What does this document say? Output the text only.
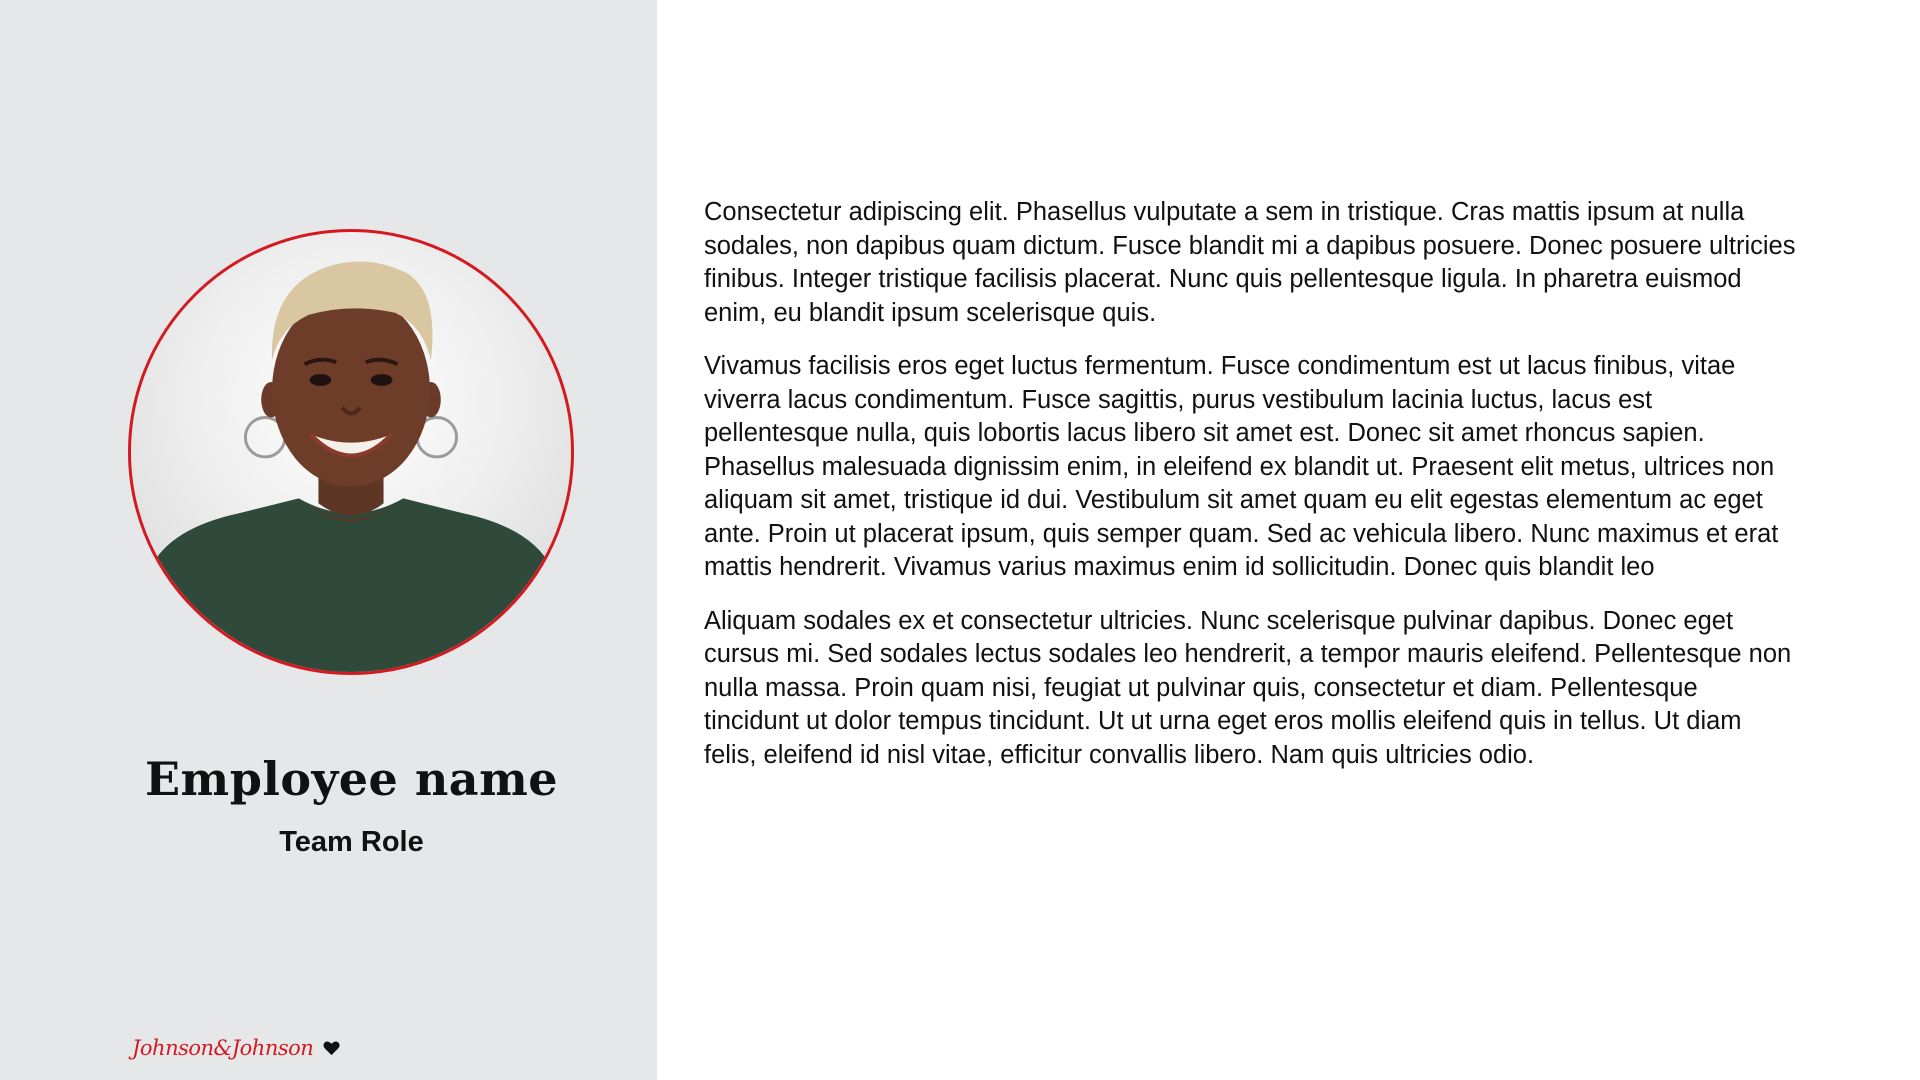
Employee name

Team Role

Johnson&Johnson

Consectetur adipiscing elit. Phasellus vulputate a sem in tristique. Cras mattis ipsum at nulla sodales, non dapibus quam dictum. Fusce blandit mi a dapibus posuere. Donec posuere ultricies finibus. Integer tristique facilisis placerat. Nunc quis pellentesque ligula. In pharetra euismod enim, eu blandit ipsum scelerisque quis.

Vivamus facilisis eros eget luctus fermentum. Fusce condimentum est ut lacus finibus, vitae viverra lacus condimentum. Fusce sagittis, purus vestibulum lacinia luctus, lacus est pellentesque nulla, quis lobortis lacus libero sit amet est. Donec sit amet rhoncus sapien. Phasellus malesuada dignissim enim, in eleifend ex blandit ut. Praesent elit metus, ultrices non aliquam sit amet, tristique id dui. Vestibulum sit amet quam eu elit egestas elementum ac eget ante. Proin ut placerat ipsum, quis semper quam. Sed ac vehicula libero. Nunc maximus et erat mattis hendrerit. Vivamus varius maximus enim id sollicitudin. Donec quis blandit leo

Aliquam sodales ex et consectetur ultricies. Nunc scelerisque pulvinar dapibus. Donec eget cursus mi. Sed sodales lectus sodales leo hendrerit, a tempor mauris eleifend. Pellentesque non nulla massa. Proin quam nisi, feugiat ut pulvinar quis, consectetur et diam. Pellentesque tincidunt ut dolor tempus tincidunt. Ut ut urna eget eros mollis eleifend quis in tellus. Ut diam felis, eleifend id nisl vitae, efficitur convallis libero. Nam quis ultricies odio.
